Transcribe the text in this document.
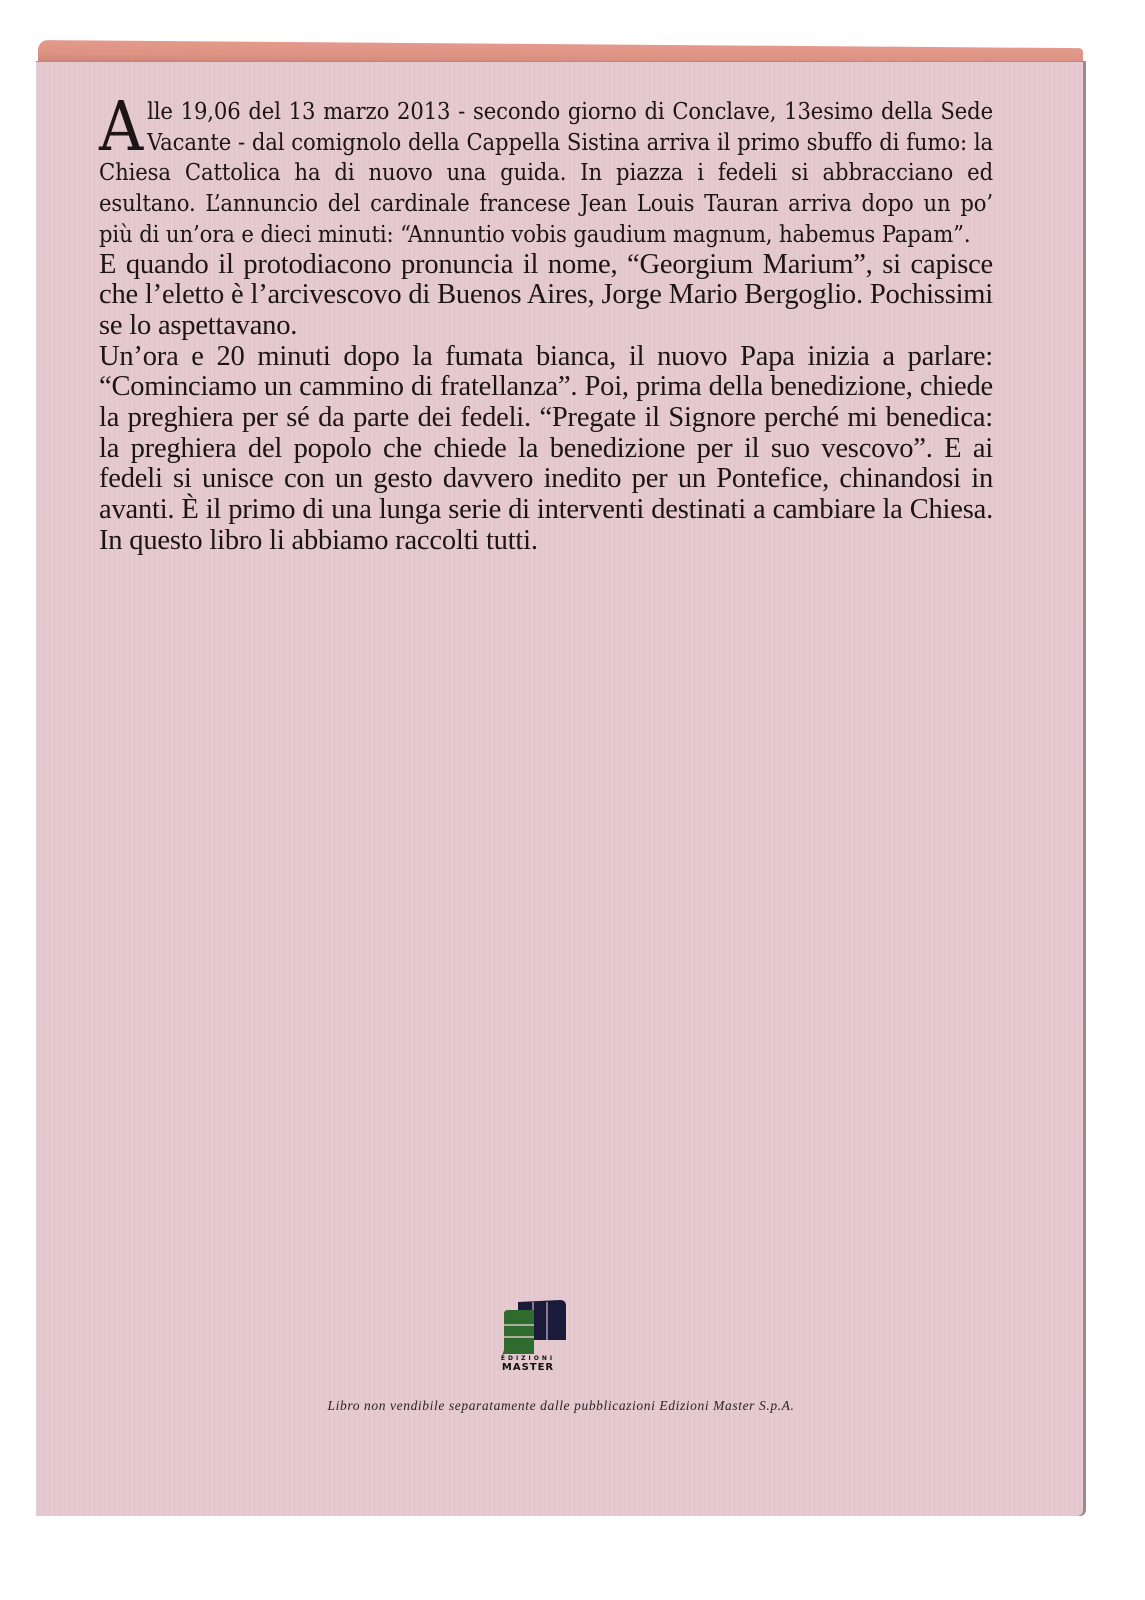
Alle 19,06 del 13 marzo 2013 - secondo giorno di Conclave, 13esimo della Sede Vacante - dal comignolo della Cappella Sistina arriva il primo sbuffo di fumo: la Chiesa Cattolica ha di nuovo una guida. In piazza i fedeli si abbracciano ed esultano. L’annuncio del cardinale francese Jean Louis Tauran arriva dopo un po’ più di un’ora e dieci minuti: “Annuntio vobis gaudium magnum, habemus Papam”.

E quando il protodiacono pronuncia il nome, “Georgium Marium”, si capisce che l’eletto è l’arcivescovo di Buenos Aires, Jorge Mario Bergoglio. Pochissimi se lo aspettavano.

Un’ora e 20 minuti dopo la fumata bianca, il nuovo Papa inizia a parlare: “Cominciamo un cammino di fratellanza”. Poi, prima della benedizione, chiede la preghiera per sé da parte dei fedeli. “Pregate il Signore perché mi benedica: la preghiera del popolo che chiede la benedizione per il suo vescovo”. E ai fedeli si unisce con un gesto davvero inedito per un Pontefice, chinandosi in avanti. È il primo di una lunga serie di interventi destinati a cambiare la Chiesa. In questo libro li abbiamo raccolti tutti.

EDIZIONI
MASTER
Libro non vendibile separatamente dalle pubblicazioni Edizioni Master S.p.A.
